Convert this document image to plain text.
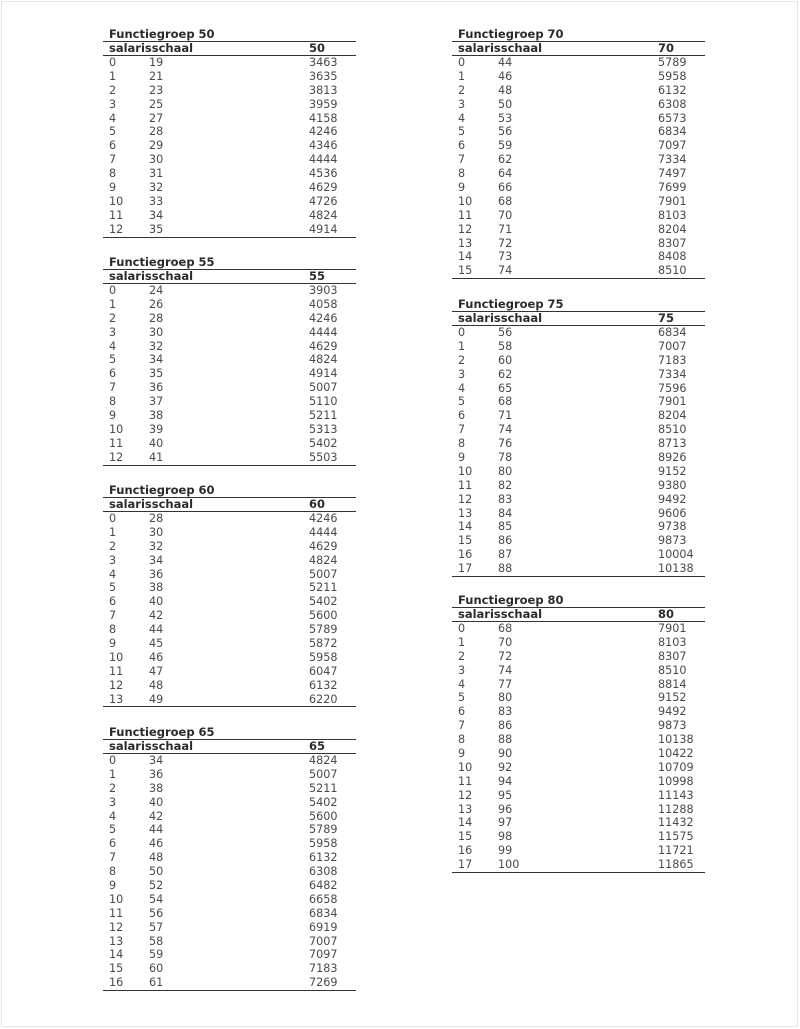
Functiegroep 50
salarisschaal	50
0	19	3463
1	21	3635
2	23	3813
3	25	3959
4	27	4158
5	28	4246
6	29	4346
7	30	4444
8	31	4536
9	32	4629
10	33	4726
11	34	4824
12	35	4914
Functiegroep 55
salarisschaal	55
0	24	3903
1	26	4058
2	28	4246
3	30	4444
4	32	4629
5	34	4824
6	35	4914
7	36	5007
8	37	5110
9	38	5211
10	39	5313
11	40	5402
12	41	5503
Functiegroep 60
salarisschaal	60
0	28	4246
1	30	4444
2	32	4629
3	34	4824
4	36	5007
5	38	5211
6	40	5402
7	42	5600
8	44	5789
9	45	5872
10	46	5958
11	47	6047
12	48	6132
13	49	6220
Functiegroep 65
salarisschaal	65
0	34	4824
1	36	5007
2	38	5211
3	40	5402
4	42	5600
5	44	5789
6	46	5958
7	48	6132
8	50	6308
9	52	6482
10	54	6658
11	56	6834
12	57	6919
13	58	7007
14	59	7097
15	60	7183
16	61	7269
Functiegroep 70
salarisschaal	70
0	44	5789
1	46	5958
2	48	6132
3	50	6308
4	53	6573
5	56	6834
6	59	7097
7	62	7334
8	64	7497
9	66	7699
10	68	7901
11	70	8103
12	71	8204
13	72	8307
14	73	8408
15	74	8510
Functiegroep 75
salarisschaal	75
0	56	6834
1	58	7007
2	60	7183
3	62	7334
4	65	7596
5	68	7901
6	71	8204
7	74	8510
8	76	8713
9	78	8926
10	80	9152
11	82	9380
12	83	9492
13	84	9606
14	85	9738
15	86	9873
16	87	10004
17	88	10138
Functiegroep 80
salarisschaal	80
0	68	7901
1	70	8103
2	72	8307
3	74	8510
4	77	8814
5	80	9152
6	83	9492
7	86	9873
8	88	10138
9	90	10422
10	92	10709
11	94	10998
12	95	11143
13	96	11288
14	97	11432
15	98	11575
16	99	11721
17	100	11865
